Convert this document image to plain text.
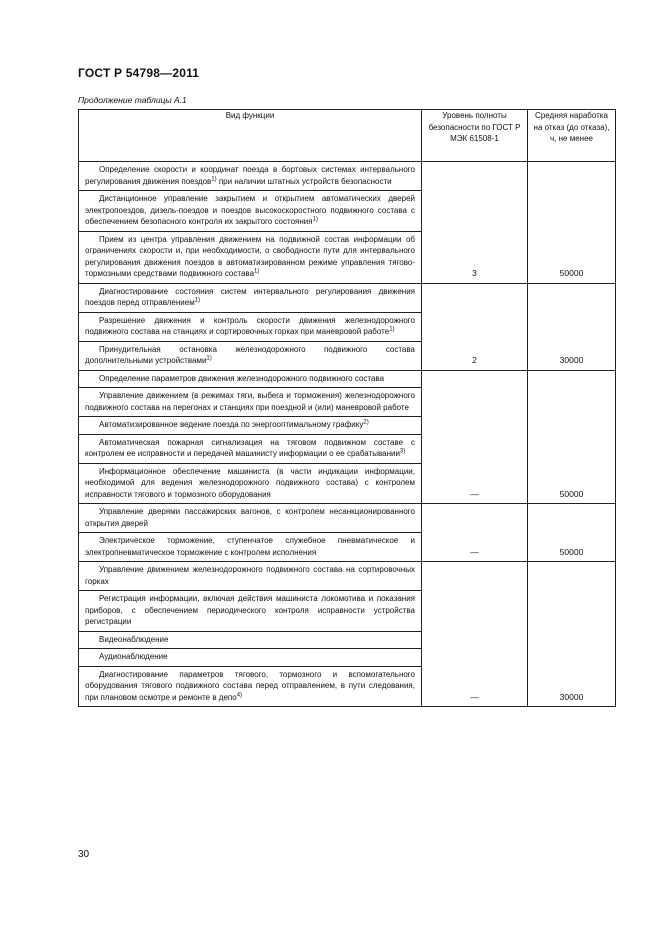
ГОСТ Р 54798—2011
Продолжение таблицы А.1
Вид функции	Уровень полноты безопасности по ГОСТ Р МЭК 61508-1	Средняя наработка на отказ (до отказа), ч, не менее

Определение скорости и координат поезда в бортовых системах интервального регулирования движения поездов$^{1)}$ при наличии штатных устройств безопасности	3	50000

Дистанционное управление закрытием и открытием автоматических дверей электропоездов, дизель-поездов и поездов высокоскоростного подвижного состава с обеспечением безопасного контроля их закрытого состояния$^{1)}$

Прием из центра управления движением на подвижной состав информации об ограничениях скорости и, при необходимости, о свободности пути для интервального регулирования движения поездов в автоматизированном режиме управления тягово-тормозными средствами подвижного состава$^{1)}$

Диагностирование состояния систем интервального регулирования движения поездов перед отправлением$^{1)}$	2	30000

Разрешение движения и контроль скорости движения железнодорожного подвижного состава на станциях и сортировочных горках при маневровой работе$^{1)}$

Принудительная остановка железнодорожного подвижного состава дополнительными устройствами$^{1)}$

Определение параметров движения железнодорожного подвижного состава	—	50000

Управление движением (в режимах тяги, выбега и торможения) железнодорожного подвижного состава на перегонах и станциях при поездной и (или) маневровой работе		

Автоматизированное ведение поезда по энергооптимальному графику$^{2)}$

Автоматическая пожарная сигнализация на тяговом подвижном составе с контролем ее исправности и передачей машинисту информации о ее срабатывании$^{3)}$

Информационное обеспечение машиниста (в части индикации информации, необходимой для ведения железнодорожного подвижного состава) с контролем исправности тягового и тормозного оборудования		

Управление дверями пассажирских вагонов, с контролем несанкционированного открытия дверей	—	50000

Электрическое торможение, ступенчатое служебное пневматическое и электропневматическое торможение с контролем исполнения		

Управление движением железнодорожного подвижного состава на сортировочных горках	—	30000

Регистрация информации, включая действия машиниста локомотива и показания приборов, с обеспечением периодического контроля исправности устройства регистрации		

Видеонаблюдение		

Аудионаблюдение		

Диагностирование параметров тягового, тормозного и вспомогательного оборудования тягового подвижного состава перед отправлением, в пути следования, при плановом осмотре и ремонте в депо$^{4)}$
30
